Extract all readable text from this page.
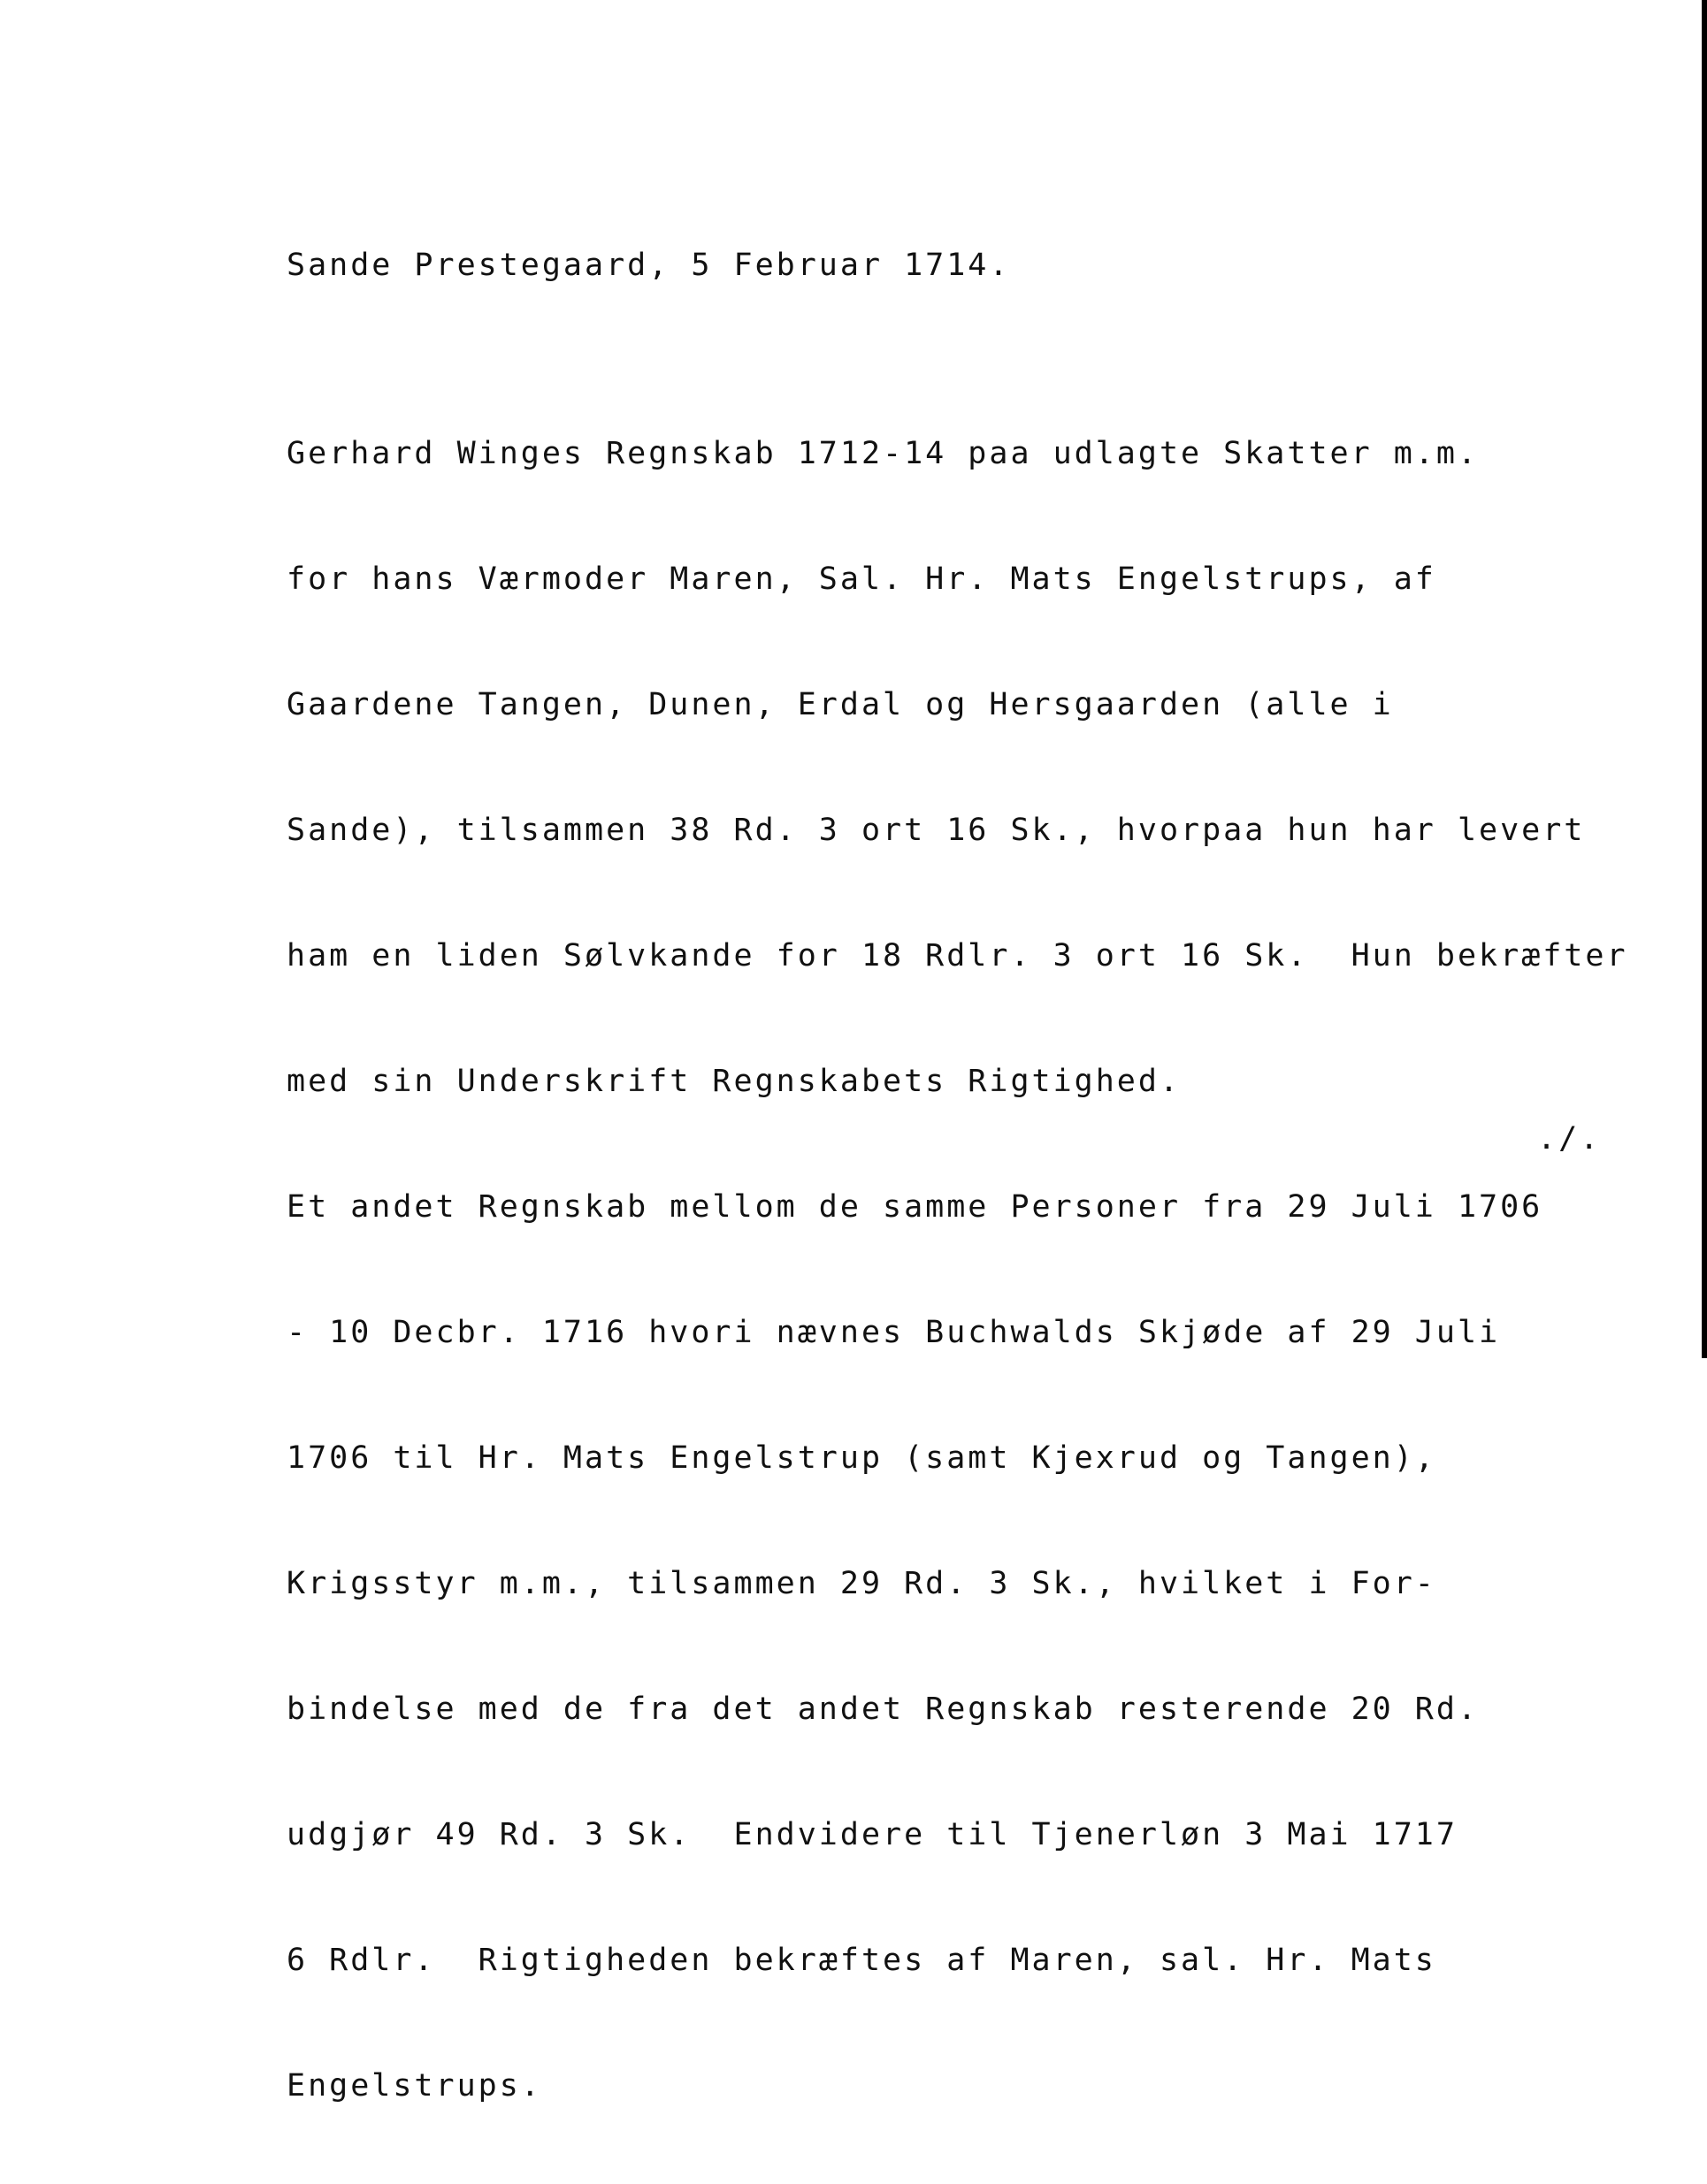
Sande Prestegaard, 5 Februar 1714.

Gerhard Winges Regnskab 1712-14 paa udlagte Skatter m.m.

for hans Værmoder Maren, Sal. Hr. Mats Engelstrups, af

Gaardene Tangen, Dunen, Erdal og Hersgaarden (alle i

Sande), tilsammen 38 Rd. 3 ort 16 Sk., hvorpaa hun har levert

ham en liden Sølvkande for 18 Rdlr. 3 ort 16 Sk.  Hun bekræfter

med sin Underskrift Regnskabets Rigtighed.

Et andet Regnskab mellom de samme Personer fra 29 Juli 1706

- 10 Decbr. 1716 hvori nævnes Buchwalds Skjøde af 29 Juli

1706 til Hr. Mats Engelstrup (samt Kjexrud og Tangen),

Krigsstyr m.m., tilsammen 29 Rd. 3 Sk., hvilket i For-

bindelse med de fra det andet Regnskab resterende 20 Rd.

udgjør 49 Rd. 3 Sk.  Endvidere til Tjenerløn 3 Mai 1717

6 Rdlr.  Rigtigheden bekræftes af Maren, sal. Hr. Mats

Engelstrups.

./.
